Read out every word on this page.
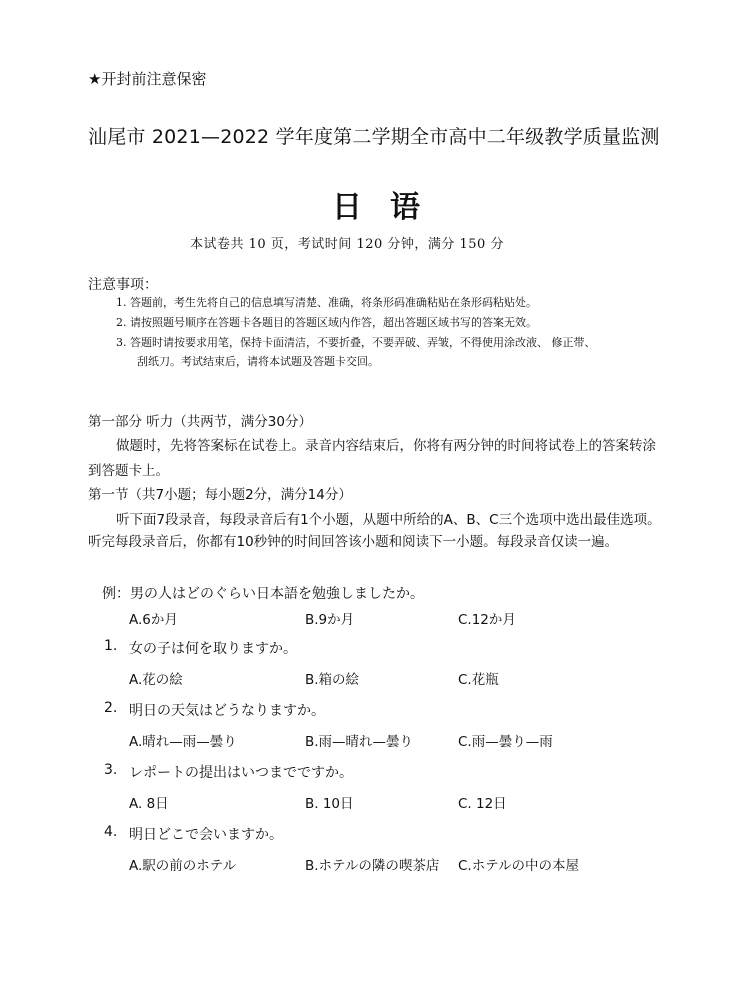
★开封前注意保密
汕尾市 2021—2022 学年度第二学期全市高中二年级教学质量监测
日语
本试卷共 10 页，考试时间 120 分钟，满分 150 分
注意事项：
1. 答题前，考生先将自己的信息填写清楚、准确，将条形码准确粘贴在条形码粘贴处。
2. 请按照题号顺序在答题卡各题目的答题区域内作答，超出答题区域书写的答案无效。
3. 答题时请按要求用笔，保持卡面清洁，不要折叠，不要弄破、弄皱，不得使用涂改液、 修正带、
刮纸刀。考试结束后，请将本试题及答题卡交回。
第一部分 听力（共两节，满分30分）
做题时，先将答案标在试卷上。录音内容结束后，你将有两分钟的时间将试卷上的答案转涂
到答题卡上。
第一节（共7小题；每小题2分，满分14分）
听下面7段录音，每段录音后有1个小题，从题中所给的A、B、C三个选项中选出最佳选项。
听完每段录音后，你都有10秒钟的时间回答该小题和阅读下一小题。每段录音仅读一遍。
例：男の人はどのぐらい日本語を勉強しましたか。
A.6か月	B.9か月	C.12か月
1. 女の子は何を取りますか。
A.花の絵	B.箱の絵	C.花瓶
2. 明日の天気はどうなりますか。
A.晴れ—雨—曇り	B.雨—晴れ—曇り	C.雨—曇り—雨
3. レポートの提出はいつまでですか。
A. 8日	B. 10日	C. 12日
4. 明日どこで会いますか。
A.駅の前のホテル	B.ホテルの隣の喫茶店 C.ホテルの中の本屋
